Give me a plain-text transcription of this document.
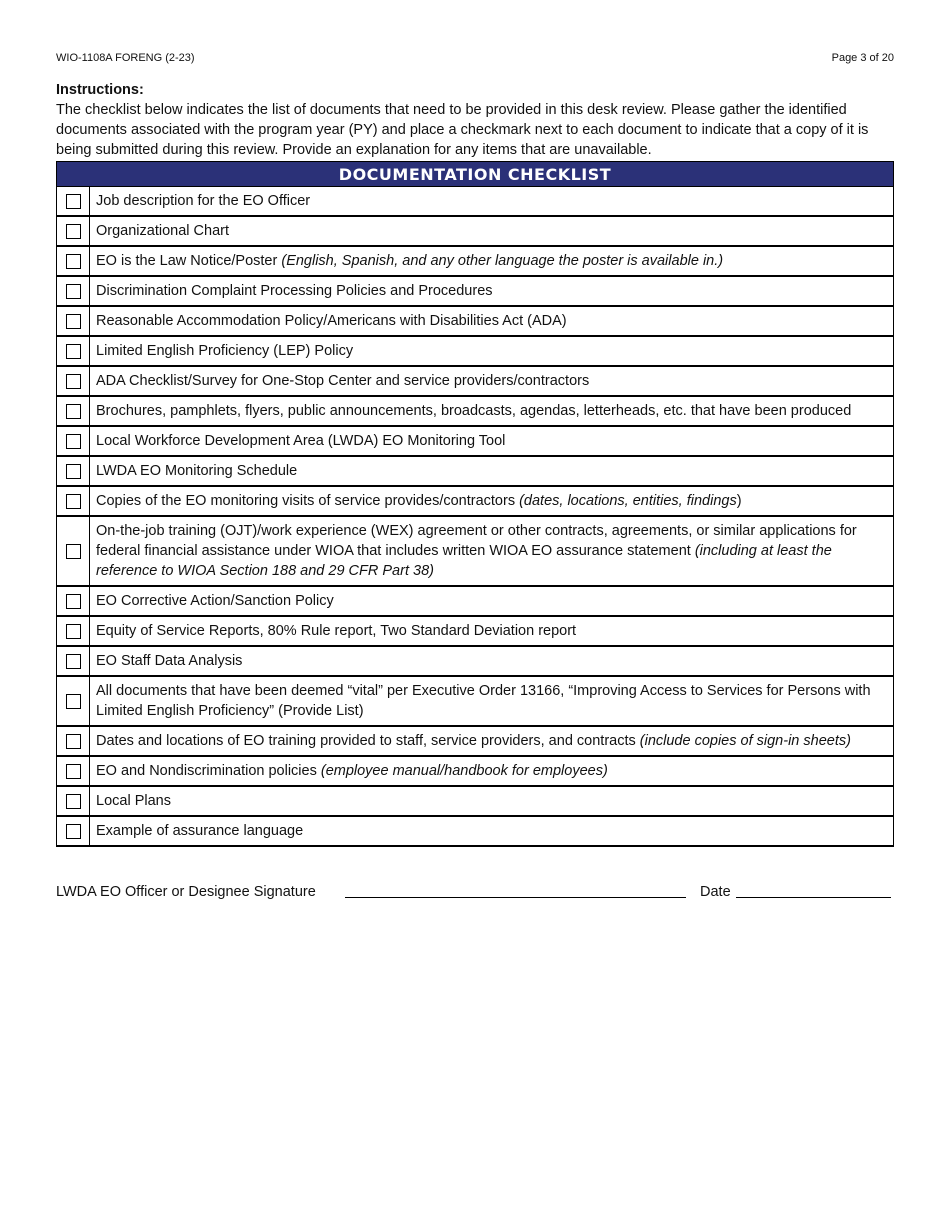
WIO-1108A FORENG (2-23)	Page 3 of 20
Instructions:
The checklist below indicates the list of documents that need to be provided in this desk review. Please gather the identified documents associated with the program year (PY) and place a checkmark next to each document to indicate that a copy of it is being submitted during this review. Provide an explanation for any items that are unavailable.
DOCUMENTATION CHECKLIST	
	Job description for the EO Officer
	Organizational Chart
	EO is the Law Notice/Poster (English, Spanish, and any other language the poster is available in.)
	Discrimination Complaint Processing Policies and Procedures
	Reasonable Accommodation Policy/Americans with Disabilities Act (ADA)
	Limited English Proficiency (LEP) Policy
	ADA Checklist/Survey for One-Stop Center and service providers/contractors
	Brochures, pamphlets, flyers, public announcements, broadcasts, agendas, letterheads, etc. that have been produced
	Local Workforce Development Area (LWDA) EO Monitoring Tool
	LWDA EO Monitoring Schedule
	Copies of the EO monitoring visits of service provides/contractors (dates, locations, entities, findings)
	On-the-job training (OJT)/work experience (WEX) agreement or other contracts, agreements, or similar applications for federal financial assistance under WIOA that includes written WIOA EO assurance statement (including at least the reference to WIOA Section 188 and 29 CFR Part 38)
	EO Corrective Action/Sanction Policy
	Equity of Service Reports, 80% Rule report, Two Standard Deviation report
	EO Staff Data Analysis
	All documents that have been deemed “vital” per Executive Order 13166, “Improving Access to Services for Persons with Limited English Proficiency” (Provide List)
	Dates and locations of EO training provided to staff, service providers, and contracts (include copies of sign-in sheets)
	EO and Nondiscrimination policies (employee manual/handbook for employees)
	Local Plans
	Example of assurance language
LWDA EO Officer or Designee Signature	Date
